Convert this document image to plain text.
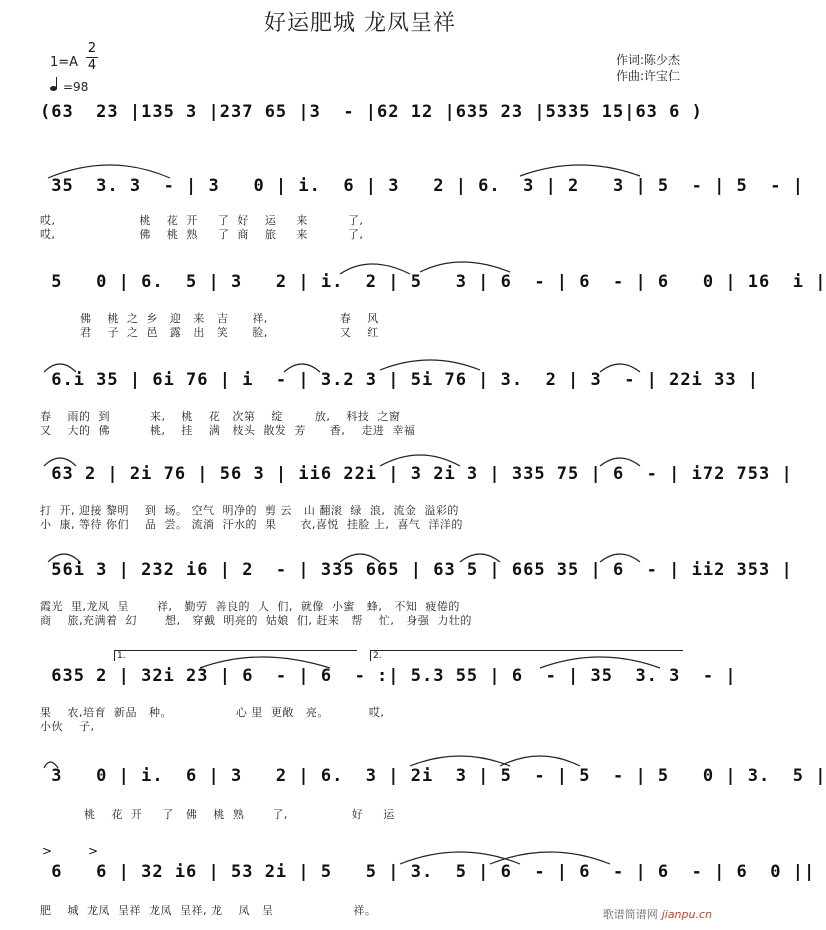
好运肥城 龙凤呈祥
1=A
2
4
=98
作词:陈少杰
作曲:许宝仁
(63  23 |135 3 |237 65 |3  - |62 12 |635 23 |5335 15|63 6 )
35  3. 3  - | 3   0 | i.  6 | 3   2 | 6.  3 | 2   3 | 5  - | 5  - |
哎,                     桃    花  开     了  好    运     来          了,
哎,                     佛    桃  熟     了  商    旅     来          了,
5   0 | 6.  5 | 3   2 | i.  2 | 5   3 | 6  - | 6  - | 6   0 | 16  i |
佛    桃  之  乡   迎   来   吉      祥,                  春    风
君    子  之  邑   露   出   笑      脸,                  又    红
6.i 35 | 6i 76 | i  - | 3.2 3 | 5i 76 | 3.  2 | 3  - | 22i 33 |
春    雨的  到          来,    桃    花   次第    绽        放,    科技  之窗
又    大的  佛          桃,    挂    满   枝头  散发  芳      香,    走进  幸福
63 2 | 2i 76 | 56 3 | ii6 22i | 3 2i 3 | 335 75 | 6  - | i72 753 |
打  开, 迎接 黎明    到  场。 空气  明净的  剪 云   山 翻滚  绿  浪,  流金  溢彩的
小  康, 等待 你们    品  尝。 流淌  汗水的  果      衣,喜悦  挂脸 上,  喜气  洋洋的
56i 3 | 232 i6 | 2  - | 335 665 | 63 5 | 665 35 | 6  - | ii2 353 |
霞光  里,龙凤  呈       祥,   勤劳  善良的  人  们,  就像  小蜜   蜂,   不知  疲倦的
商    旅,充满着  幻       想,   穿戴  明亮的  姑娘  们, 赶来   帮    忙,   身强  力壮的
1.	2.
635 2 | 32i 23 | 6  - | 6  - :| 5.3 55 | 6  - | 35  3. 3  - |
果    农,培育  新品   种。                心 里  更敞   亮。          哎,
小伙    子,
3   0 | i.  6 | 3   2 | 6.  3 | 2i  3 | 5  - | 5  - | 5   0 | 3.  5 |
桃    花  开     了   佛    桃  熟       了,                好     运
>	>
6   6 | 32 i6 | 53 2i | 5   5 | 3.  5 | 6  - | 6  - | 6  - | 6  0 ||
肥    城  龙凤  呈祥  龙凤  呈祥, 龙    凤   呈                    祥。	歌谱简谱网 jianpu.cn
